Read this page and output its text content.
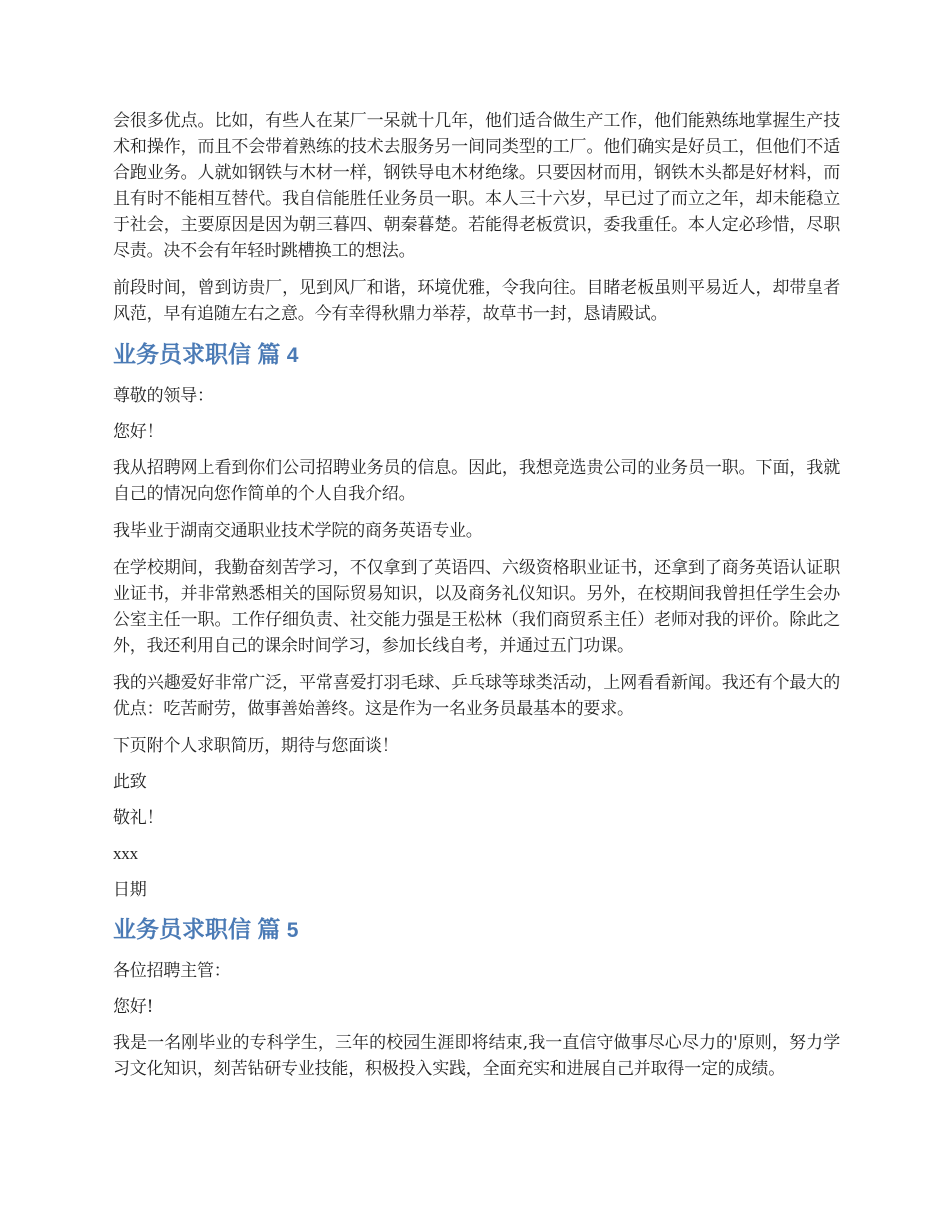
会很多优点。比如，有些人在某厂一呆就十几年，他们适合做生产工作，他们能熟练地掌握生产技术和操作，而且不会带着熟练的技术去服务另一间同类型的工厂。他们确实是好员工，但他们不适合跑业务。人就如钢铁与木材一样，钢铁导电木材绝缘。只要因材而用，钢铁木头都是好材料，而且有时不能相互替代。我自信能胜任业务员一职。本人三十六岁，早已过了而立之年，却未能稳立于社会，主要原因是因为朝三暮四、朝秦暮楚。若能得老板赏识，委我重任。本人定必珍惜，尽职尽责。决不会有年轻时跳槽换工的想法。

前段时间，曾到访贵厂，见到风厂和谐，环境优雅，令我向往。目睹老板虽则平易近人，却带皇者风范，早有追随左右之意。今有幸得秋鼎力举荐，故草书一封，恳请殿试。

业务员求职信 篇 4

尊敬的领导：

您好！

我从招聘网上看到你们公司招聘业务员的信息。因此，我想竞选贵公司的业务员一职。下面，我就自己的情况向您作简单的个人自我介绍。

我毕业于湖南交通职业技术学院的商务英语专业。

在学校期间，我勤奋刻苦学习，不仅拿到了英语四、六级资格职业证书，还拿到了商务英语认证职业证书，并非常熟悉相关的国际贸易知识，以及商务礼仪知识。另外，在校期间我曾担任学生会办公室主任一职。工作仔细负责、社交能力强是王松林（我们商贸系主任）老师对我的评价。除此之外，我还利用自己的课余时间学习，参加长线自考，并通过五门功课。

我的兴趣爱好非常广泛，平常喜爱打羽毛球、乒乓球等球类活动，上网看看新闻。我还有个最大的优点：吃苦耐劳，做事善始善终。这是作为一名业务员最基本的要求。

下页附个人求职简历，期待与您面谈！

此致

敬礼！

xxx

日期

业务员求职信 篇 5

各位招聘主管：

您好!

我是一名刚毕业的专科学生，三年的校园生涯即将结束,我一直信守做事尽心尽力的'原则，努力学习文化知识，刻苦钻研专业技能，积极投入实践，全面充实和进展自己并取得一定的成绩。
